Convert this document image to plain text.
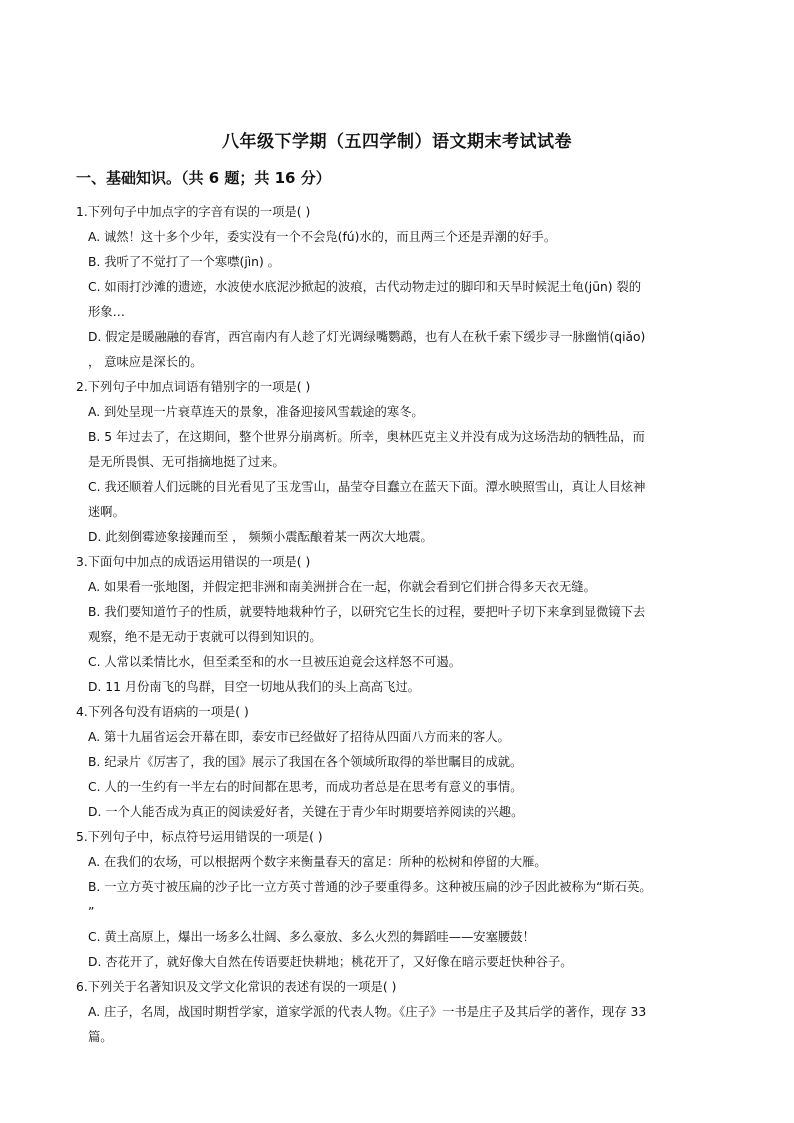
八年级下学期（五四学制）语文期末考试试卷
一、基础知识。（共 6 题；共 16 分）
1.下列句子中加点字的字音有误的一项是( )
A. 诚然！这十多个少年，委实没有一个不会凫(fú)水的，而且两三个还是弄潮的好手。
B. 我听了不觉打了一个寒噤(jìn) 。
C. 如雨打沙滩的遗迹，水波使水底泥沙掀起的波痕，古代动物走过的脚印和天旱时候泥土龟(jūn) 裂的
形象…
D. 假定是暖融融的春宵，西宫南内有人趁了灯光调绿嘴鹦鹉，也有人在秋千索下缓步寻一脉幽悄(qiǎo)
， 意味应是深长的。
2.下列句子中加点词语有错别字的一项是( )
A. 到处呈现一片衰草连天的景象，准备迎接风雪载途的寒冬。
B. 5 年过去了，在这期间，整个世界分崩离析。所幸，奥林匹克主义并没有成为这场浩劫的牺牲品，而
是无所畏惧、无可指摘地挺了过来。
C. 我还顺着人们远眺的目光看见了玉龙雪山，晶莹夺目蠢立在蓝天下面。潭水映照雪山，真让人目炫神
迷啊。
D. 此刻倒霉迹象接踵而至 ， 频频小震酝酿着某一两次大地震。
3.下面句中加点的成语运用错误的一项是( )
A. 如果看一张地图，并假定把非洲和南美洲拼合在一起，你就会看到它们拼合得多天衣无缝。
B. 我们要知道竹子的性质，就要特地栽种竹子，以研究它生长的过程，要把叶子切下来拿到显微镜下去
观察，绝不是无动于衷就可以得到知识的。
C. 人常以柔情比水，但至柔至和的水一旦被压迫竟会这样怒不可遏。
D. 11 月份南飞的鸟群，目空一切地从我们的头上高高飞过。
4.下列各句没有语病的一项是( )
A. 第十九届省运会开幕在即，泰安市已经做好了招待从四面八方而来的客人。
B. 纪录片《厉害了，我的国》展示了我国在各个领域所取得的举世瞩目的成就。
C. 人的一生约有一半左右的时间都在思考，而成功者总是在思考有意义的事情。
D. 一个人能否成为真正的阅读爱好者，关键在于青少年时期要培养阅读的兴趣。
5.下列句子中，标点符号运用错误的一项是( )
A. 在我们的农场，可以根据两个数字来衡量春天的富足：所种的松树和停留的大雁。
B. 一立方英寸被压扁的沙子比一立方英寸普通的沙子要重得多。这种被压扁的沙子因此被称为“斯石英。
”
C. 黄土高原上，爆出一场多么壮阔、多么豪放、多么火烈的舞蹈哇——安塞腰鼓！
D. 杏花开了，就好像大自然在传语要赶快耕地；桃花开了，又好像在暗示要赶快种谷子。
6.下列关于名著知识及文学文化常识的表述有误的一项是( )
A. 庄子，名周，战国时期哲学家，道家学派的代表人物。《庄子》一书是庄子及其后学的著作，现存 33
篇。
